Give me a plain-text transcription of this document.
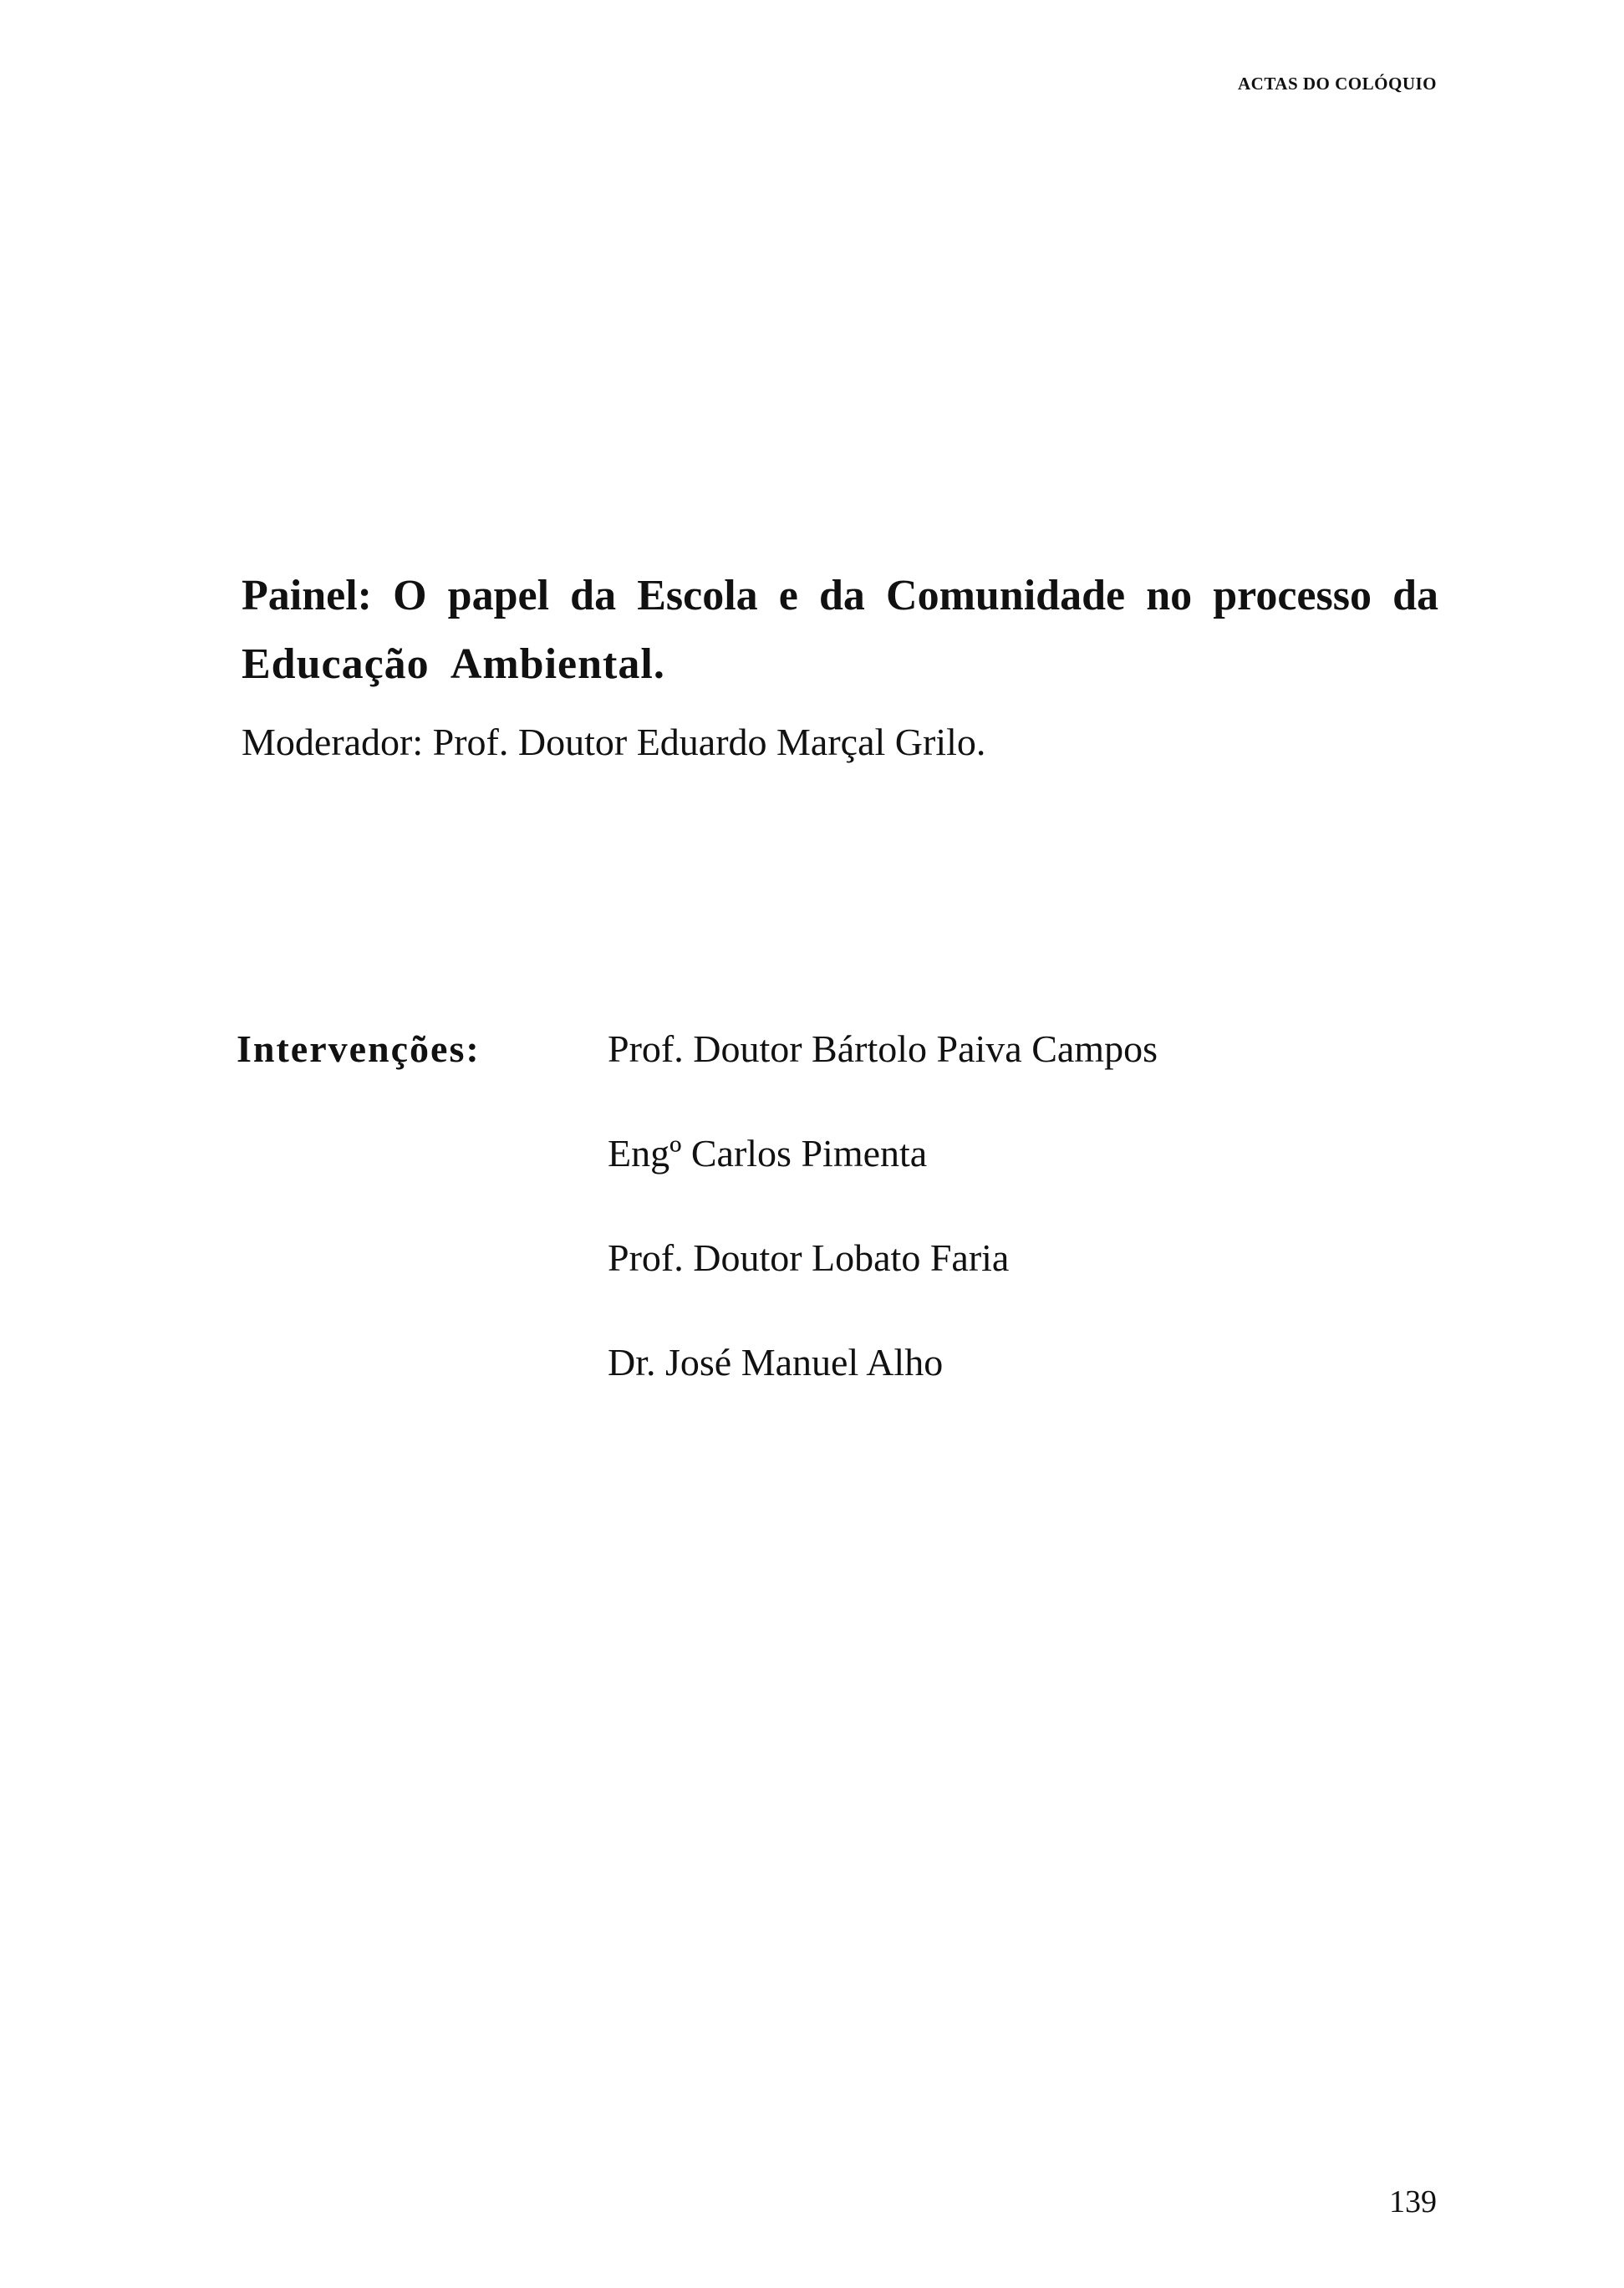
ACTAS DO COLÓQUIO
Painel: O papel da Escola e da Comunidade no processo da
Educação Ambiental.
Moderador: Prof. Doutor Eduardo Marçal Grilo.
Intervenções:	Prof. Doutor Bártolo Paiva Campos
Engº Carlos Pimenta
Prof. Doutor Lobato Faria
Dr. José Manuel Alho
139
